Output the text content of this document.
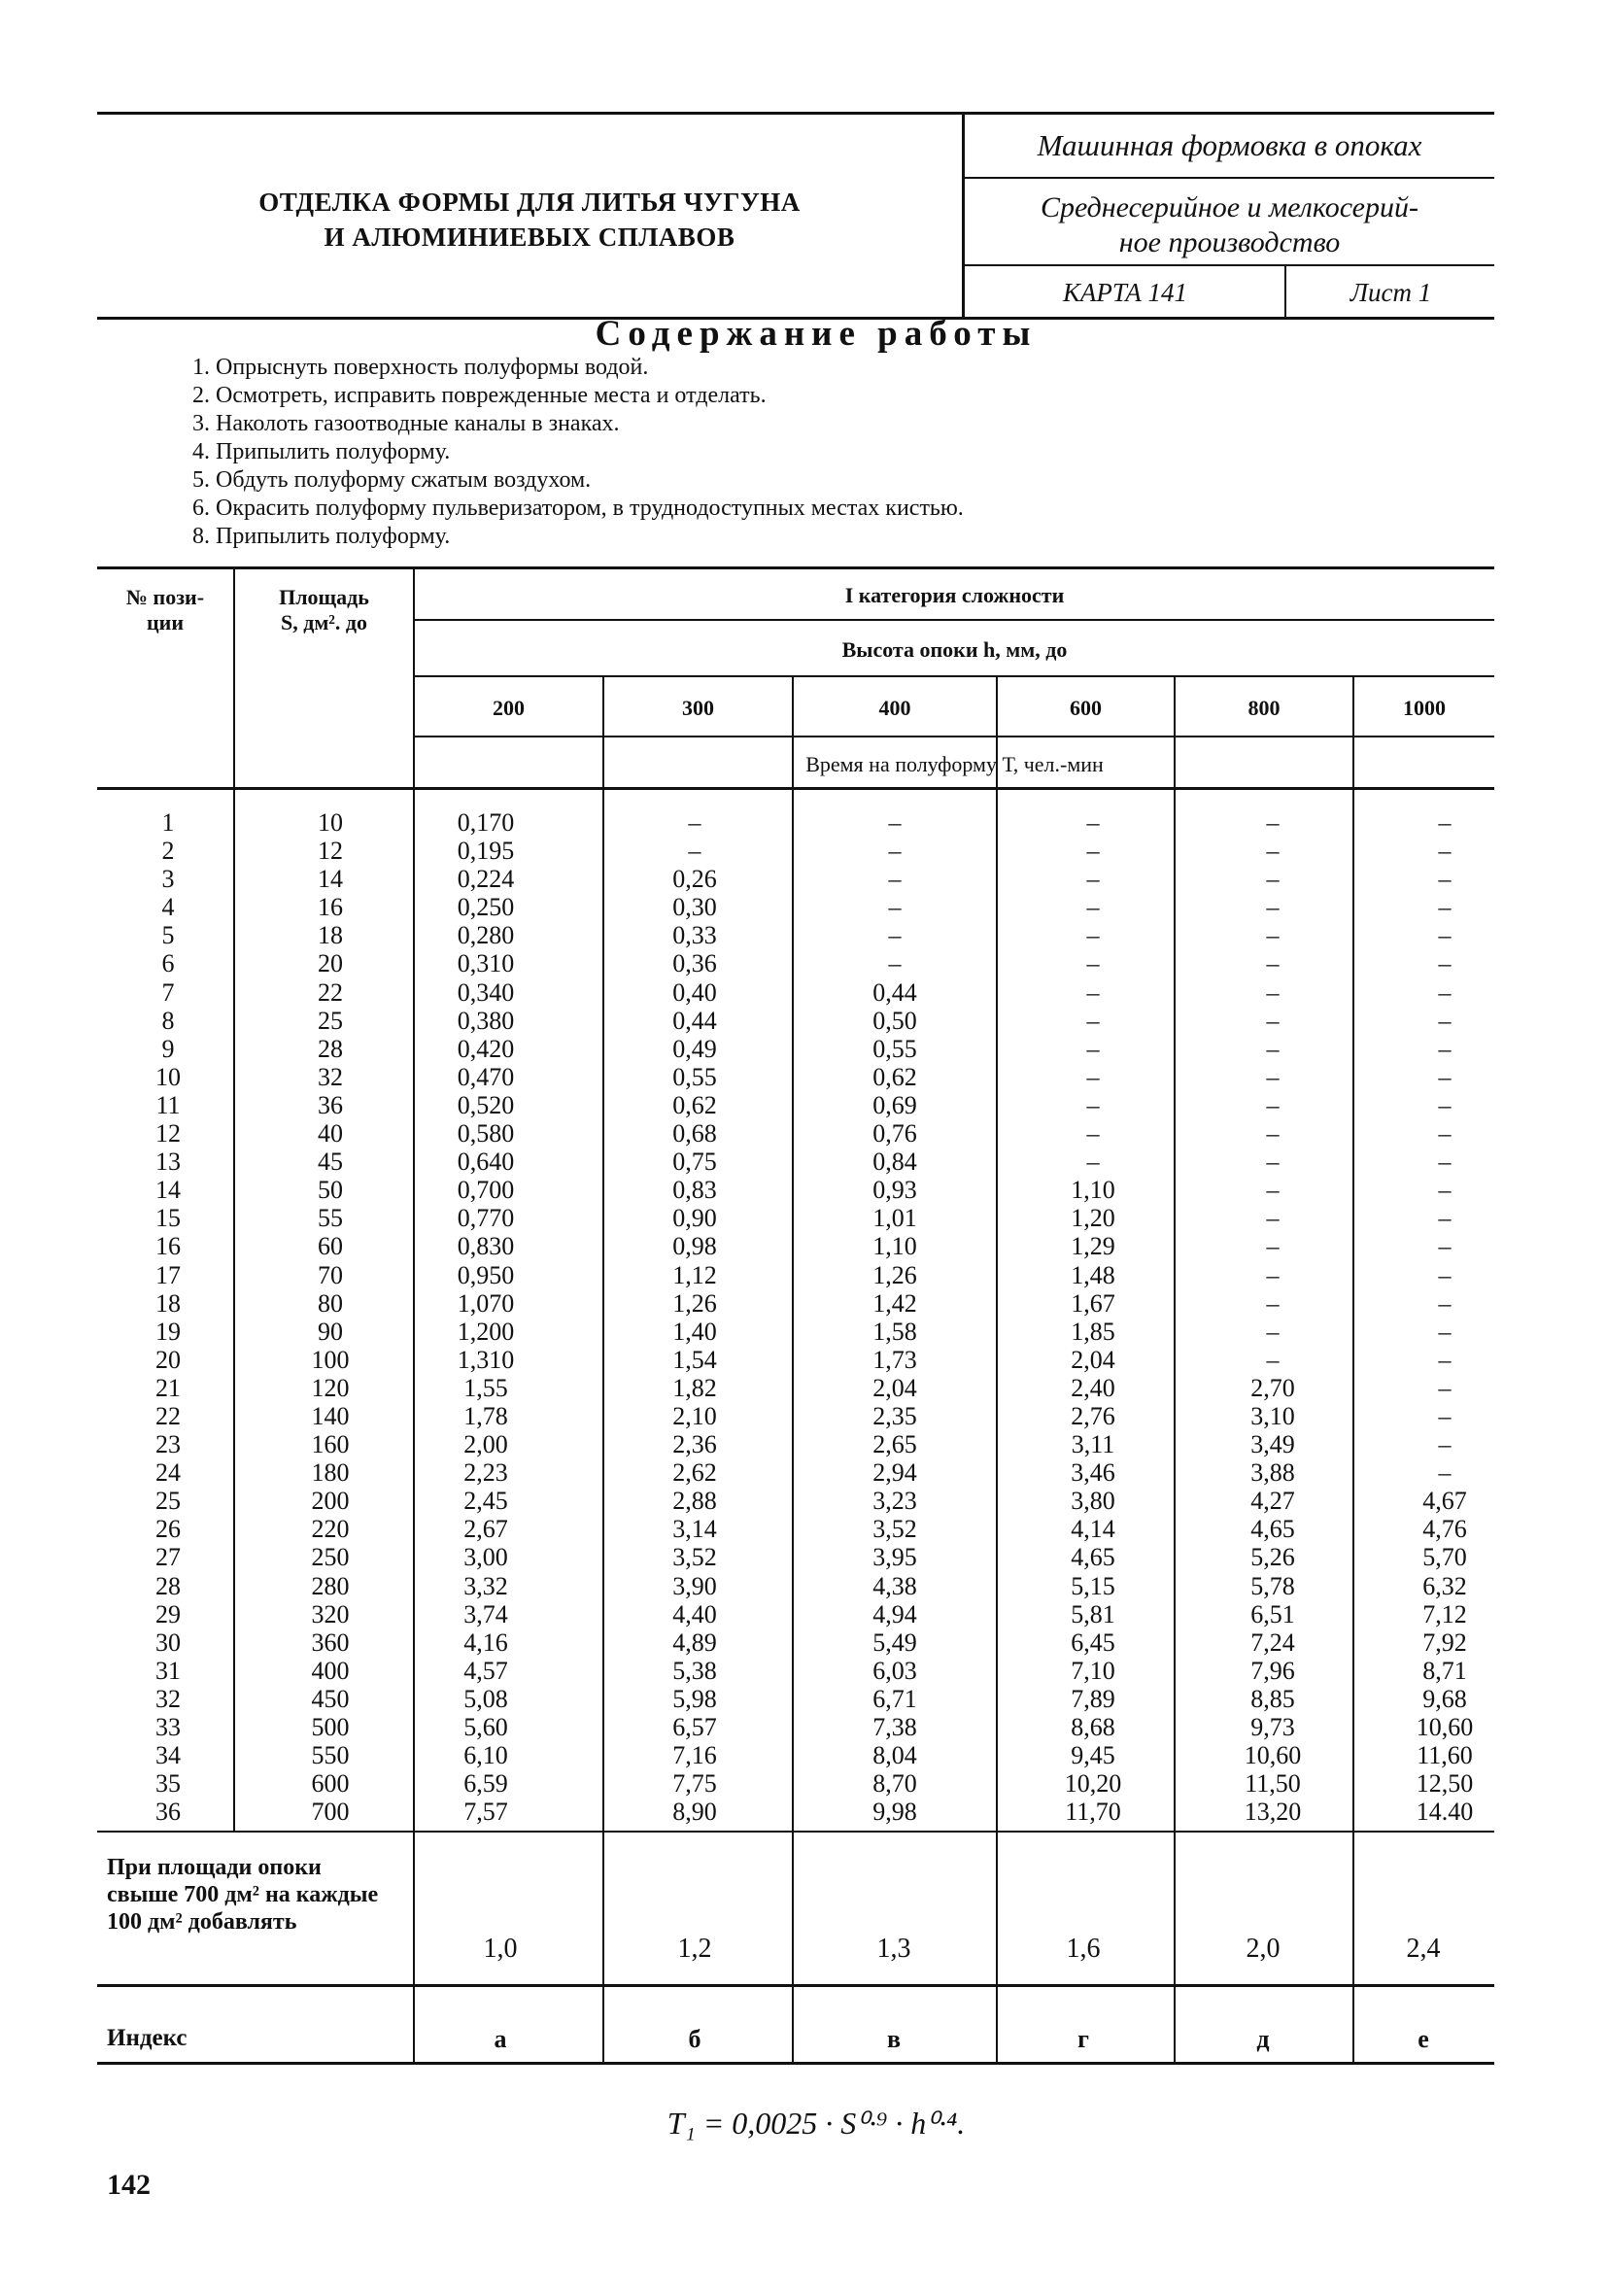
ОТДЕЛКА ФОРМЫ ДЛЯ ЛИТЬЯ ЧУГУНА
И АЛЮМИНИЕВЫХ СПЛАВОВ
Машинная формовка в опоках
Среднесерийное и мелкосерий-
ное производство
КАРТА 141	Лист 1
Содержание работы
1. Опрыснуть поверхность полуформы водой.
2. Осмотреть, исправить поврежденные места и отделать.
3. Наколоть газоотводные каналы в знаках.
4. Припылить полуформу.
5. Обдуть полуформу сжатым воздухом.
6. Окрасить полуформу пульверизатором, в труднодоступных местах кистью.
8. Припылить полуформу.
№ пози-
ции
Площадь
S, дм². до
I категория сложности
Высота опоки h, мм, до
200	300	400	600	800	1000
Время на полуформу Т, чел.-мин
1	10	0,170	–	–	–	–	–
2	12	0,195	–	–	–	–	–
3	14	0,224	0,26	–	–	–	–
4	16	0,250	0,30	–	–	–	–
5	18	0,280	0,33	–	–	–	–
6	20	0,310	0,36	–	–	–	–
7	22	0,340	0,40	0,44	–	–	–
8	25	0,380	0,44	0,50	–	–	–
9	28	0,420	0,49	0,55	–	–	–
10	32	0,470	0,55	0,62	–	–	–
11	36	0,520	0,62	0,69	–	–	–
12	40	0,580	0,68	0,76	–	–	–
13	45	0,640	0,75	0,84	–	–	–
14	50	0,700	0,83	0,93	1,10	–	–
15	55	0,770	0,90	1,01	1,20	–	–
16	60	0,830	0,98	1,10	1,29	–	–
17	70	0,950	1,12	1,26	1,48	–	–
18	80	1,070	1,26	1,42	1,67	–	–
19	90	1,200	1,40	1,58	1,85	–	–
20	100	1,310	1,54	1,73	2,04	–	–
21	120	1,55	1,82	2,04	2,40	2,70	–
22	140	1,78	2,10	2,35	2,76	3,10	–
23	160	2,00	2,36	2,65	3,11	3,49	–
24	180	2,23	2,62	2,94	3,46	3,88	–
25	200	2,45	2,88	3,23	3,80	4,27	4,67
26	220	2,67	3,14	3,52	4,14	4,65	4,76
27	250	3,00	3,52	3,95	4,65	5,26	5,70
28	280	3,32	3,90	4,38	5,15	5,78	6,32
29	320	3,74	4,40	4,94	5,81	6,51	7,12
30	360	4,16	4,89	5,49	6,45	7,24	7,92
31	400	4,57	5,38	6,03	7,10	7,96	8,71
32	450	5,08	5,98	6,71	7,89	8,85	9,68
33	500	5,60	6,57	7,38	8,68	9,73	10,60
34	550	6,10	7,16	8,04	9,45	10,60	11,60
35	600	6,59	7,75	8,70	10,20	11,50	12,50
36	700	7,57	8,90	9,98	11,70	13,20	14.40
При площади опоки свыше 700 дм² на каждые 100 дм² добавлять
1,0	1,2	1,3	1,6	2,0	2,4
Индекс	а	б	в	г	д	е
T₁ = 0,0025 · S⁰·⁹ · h⁰·⁴.
142
